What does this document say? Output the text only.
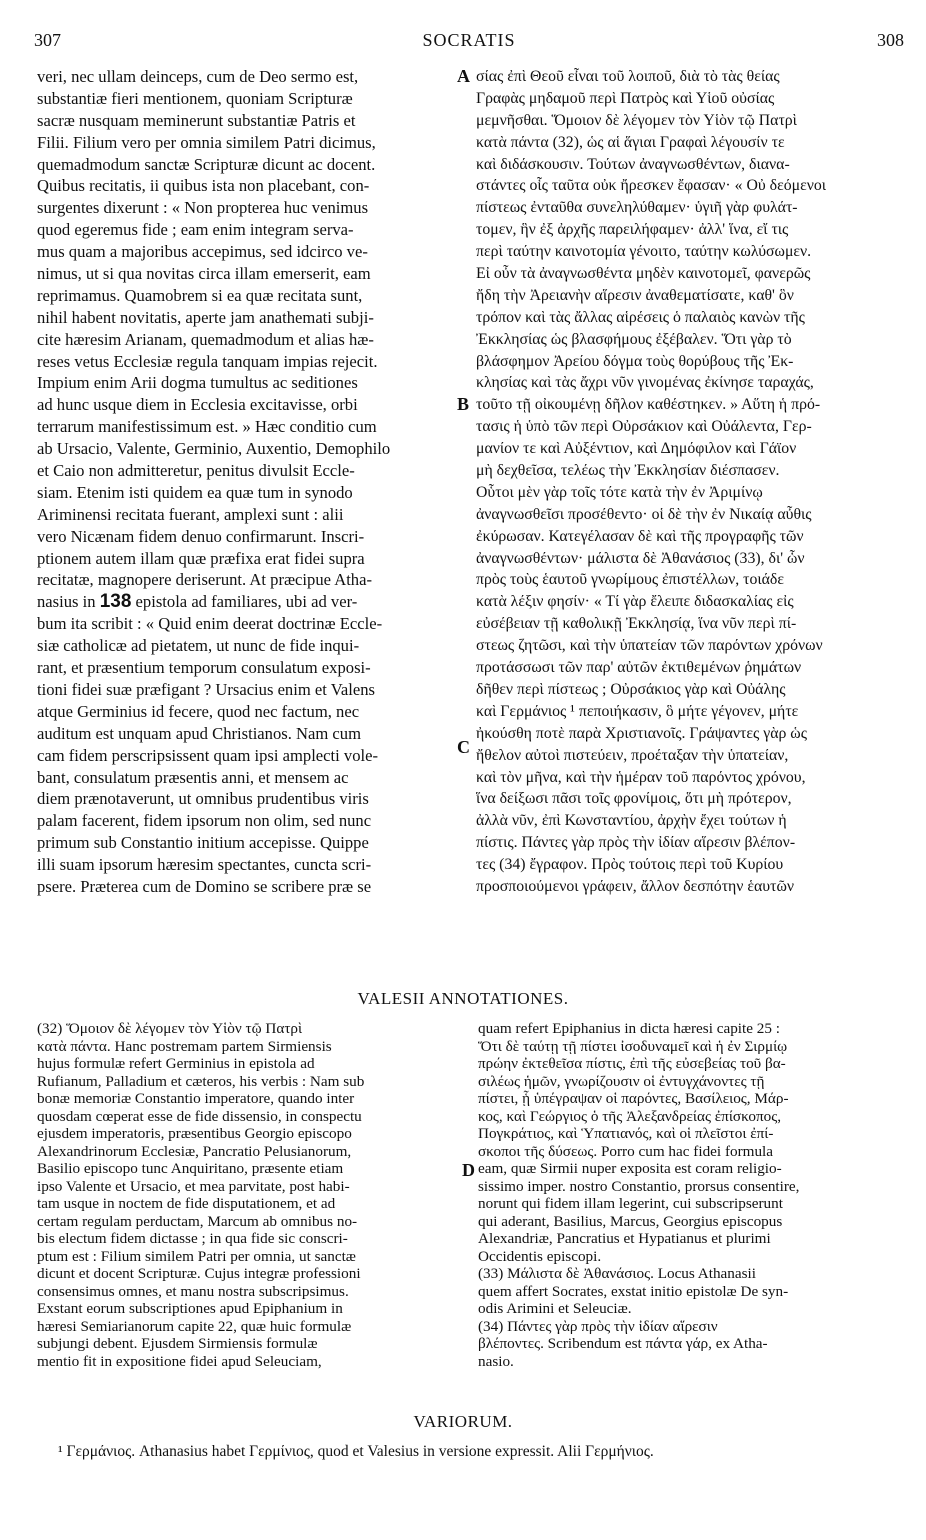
307	SOCRATIS	308
veri, nec ullam deinceps, cum de Deo sermo est,
substantiæ fieri mentionem, quoniam Scripturæ
sacræ nusquam meminerunt substantiæ Patris et
Filii. Filium vero per omnia similem Patri dicimus,
quemadmodum sanctæ Scripturæ dicunt ac docent.
Quibus recitatis, ii quibus ista non placebant, con-
surgentes dixerunt : « Non propterea huc venimus
quod egeremus fide ; eam enim integram serva-
mus quam a majoribus accepimus, sed idcirco ve-
nimus, ut si qua novitas circa illam emerserit, eam
reprimamus. Quamobrem si ea quæ recitata sunt,
nihil habent novitatis, aperte jam anathemati subji-
cite hæresim Arianam, quemadmodum et alias hæ-
reses vetus Ecclesiæ regula tanquam impias rejecit.
Impium enim Arii dogma tumultus ac seditiones
ad hunc usque diem in Ecclesia excitavisse, orbi
terrarum manifestissimum est. » Hæc conditio cum
ab Ursacio, Valente, Germinio, Auxentio, Demophilo
et Caio non admitteretur, penitus divulsit Eccle-
siam. Etenim isti quidem ea quæ tum in synodo
Ariminensi recitata fuerant, amplexi sunt : alii
vero Nicænam fidem denuo confirmarunt. Inscri-
ptionem autem illam quæ præfixa erat fidei supra
recitatæ, magnopere deriserunt. At præcipue Atha-
nasius in 138 epistola ad familiares, ubi ad ver-
bum ita scribit : « Quid enim deerat doctrinæ Eccle-
siæ catholicæ ad pietatem, ut nunc de fide inqui-
rant, et præsentium temporum consulatum exposi-
tioni fidei suæ præfigant ? Ursacius enim et Valens
atque Germinius id fecere, quod nec factum, nec
auditum est unquam apud Christianos. Nam cum
cam fidem perscripsissent quam ipsi amplecti vole-
bant, consulatum præsentis anni, et mensem ac
diem prænotaverunt, ut omnibus prudentibus viris
palam facerent, fidem ipsorum non olim, sed nunc
primum sub Constantio initium accepisse. Quippe
illi suam ipsorum hæresim spectantes, cuncta scri-
psere. Præterea cum de Domino se scribere præ se
σίας ἐπὶ Θεοῦ εἶναι τοῦ λοιποῦ, διὰ τὸ τὰς θείας
Γραφὰς μηδαμοῦ περὶ Πατρὸς καὶ Υἱοῦ οὐσίας
μεμνῆσθαι. Ὅμοιον δὲ λέγομεν τὸν Υἱὸν τῷ Πατρὶ
κατὰ πάντα (32), ὡς αἱ ἅγιαι Γραφαὶ λέγουσίν τε
καὶ διδάσκουσιν. Τούτων ἀναγνωσθέντων, διανα-
στάντες οἷς ταῦτα οὐκ ἤρεσκεν ἔφασαν· « Οὐ δεόμενοι
πίστεως ἐνταῦθα συνεληλύθαμεν· ὑγιῆ γὰρ φυλάτ-
τομεν, ἣν ἐξ ἀρχῆς παρειλήφαμεν· ἀλλ' ἵνα, εἴ τις
περὶ ταύτην καινοτομία γένοιτο, ταύτην κωλύσωμεν.
Εἰ οὖν τὰ ἀναγνωσθέντα μηδὲν καινοτομεῖ, φανερῶς
ἤδη τὴν Ἀρειανὴν αἵρεσιν ἀναθεματίσατε, καθ' ὃν
τρόπον καὶ τὰς ἄλλας αἱρέσεις ὁ παλαιὸς κανὼν τῆς
Ἐκκλησίας ὡς βλασφήμους ἐξέβαλεν. Ὅτι γὰρ τὸ
βλάσφημον Ἀρείου δόγμα τοὺς θορύβους τῆς Ἐκ-
κλησίας καὶ τὰς ἄχρι νῦν γινομένας ἐκίνησε ταραχάς,
τοῦτο τῇ οἰκουμένῃ δῆλον καθέστηκεν. » Αὕτη ἡ πρό-
τασις ἡ ὑπὸ τῶν περὶ Οὐρσάκιον καὶ Οὐάλεντα, Γερ-
μανίον τε καὶ Αὐξέντιον, καὶ Δημόφιλον καὶ Γάϊον
μὴ δεχθεῖσα, τελέως τὴν Ἐκκλησίαν διέσπασεν.
Οὗτοι μὲν γὰρ τοῖς τότε κατὰ τὴν ἐν Ἀριμίνῳ
ἀναγνωσθεῖσι προσέθεντο· οἱ δὲ τὴν ἐν Νικαίᾳ αὖθις
ἐκύρωσαν. Κατεγέλασαν δὲ καὶ τῆς προγραφῆς τῶν
ἀναγνωσθέντων· μάλιστα δὲ Ἀθανάσιος (33), δι' ὧν
πρὸς τοὺς ἑαυτοῦ γνωρίμους ἐπιστέλλων, τοιάδε
κατὰ λέξιν φησίν· « Τί γὰρ ἔλειπε διδασκαλίας εἰς
εὐσέβειαν τῇ καθολικῇ Ἐκκλησίᾳ, ἵνα νῦν περὶ πί-
στεως ζητῶσι, καὶ τὴν ὑπατείαν τῶν παρόντων χρόνων
προτάσσωσι τῶν παρ' αὐτῶν ἐκτιθεμένων ῥημάτων
δῆθεν περὶ πίστεως ; Οὐρσάκιος γὰρ καὶ Οὐάλης
καὶ Γερμάνιος ¹ πεποιήκασιν, ὃ μήτε γέγονεν, μήτε
ἠκούσθη ποτὲ παρὰ Χριστιανοῖς. Γράψαντες γὰρ ὡς
ἤθελον αὐτοὶ πιστεύειν, προέταξαν τὴν ὑπατείαν,
καὶ τὸν μῆνα, καὶ τὴν ἡμέραν τοῦ παρόντος χρόνου,
ἵνα δείξωσι πᾶσι τοῖς φρονίμοις, ὅτι μὴ πρότερον,
ἀλλὰ νῦν, ἐπὶ Κωνσταντίου, ἀρχὴν ἔχει τούτων ἡ
πίστις. Πάντες γὰρ πρὸς τὴν ἰδίαν αἵρεσιν βλέπον-
τες (34) ἔγραφον. Πρὸς τούτοις περὶ τοῦ Κυρίου
προσποιούμενοι γράφειν, ἄλλον δεσπότην ἑαυτῶν
A
B
C
D
VALESII ANNOTATIONES.
(32) Ὅμοιον δὲ λέγομεν τὸν Υἱὸν τῷ Πατρὶ
κατὰ πάντα. Hanc postremam partem Sirmiensis
hujus formulæ refert Germinius in epistola ad
Rufianum, Palladium et cæteros, his verbis : Nam sub
bonæ memoriæ Constantio imperatore, quando inter
quosdam cœperat esse de fide dissensio, in conspectu
ejusdem imperatoris, præsentibus Georgio episcopo
Alexandrinorum Ecclesiæ, Pancratio Pelusianorum,
Basilio episcopo tunc Anquiritano, præsente etiam
ipso Valente et Ursacio, et mea parvitate, post habi-
tam usque in noctem de fide disputationem, et ad
certam regulam perductam, Marcum ab omnibus no-
bis electum fidem dictasse ; in qua fide sic conscri-
ptum est : Filium similem Patri per omnia, ut sanctæ
dicunt et docent Scripturæ. Cujus integræ professioni
consensimus omnes, et manu nostra subscripsimus.
Exstant eorum subscriptiones apud Epiphanium in
hæresi Semiarianorum capite 22, quæ huic formulæ
subjungi debent. Ejusdem Sirmiensis formulæ
mentio fit in expositione fidei apud Seleuciam,
quam refert Epiphanius in dicta hæresi capite 25 :
Ὅτι δὲ ταύτῃ τῇ πίστει ἰσοδυναμεῖ καὶ ἡ ἐν Σιρμίῳ
πρώην ἐκτεθεῖσα πίστις, ἐπὶ τῆς εὐσεβείας τοῦ βα-
σιλέως ἡμῶν, γνωρίζουσιν οἱ ἐντυγχάνοντες τῇ
πίστει, ᾗ ὑπέγραψαν οἱ παρόντες, Βασίλειος, Μάρ-
κος, καὶ Γεώργιος ὁ τῆς Ἀλεξανδρείας ἐπίσκοπος,
Πογκράτιος, καὶ Ὑπατιανός, καὶ οἱ πλεῖστοι ἐπί-
σκοποι τῆς δύσεως. Porro cum hac fidei formula
eam, quæ Sirmii nuper exposita est coram religio-
sissimo imper. nostro Constantio, prorsus consentire,
norunt qui fidem illam legerint, cui subscripserunt
qui aderant, Basilius, Marcus, Georgius episcopus
Alexandriæ, Pancratius et Hypatianus et plurimi
Occidentis episcopi.
(33) Μάλιστα δὲ Ἀθανάσιος. Locus Athanasii
quem affert Socrates, exstat initio epistolæ De syn-
odis Arimini et Seleuciæ.
(34) Πάντες γὰρ πρὸς τὴν ἰδίαν αἵρεσιν
βλέποντες. Scribendum est πάντα γάρ, ex Atha-
nasio.
VARIORUM.
¹ Γερμάνιος. Athanasius habet Γερμίνιος, quod et Valesius in versione expressit. Alii Γερμήνιος.
